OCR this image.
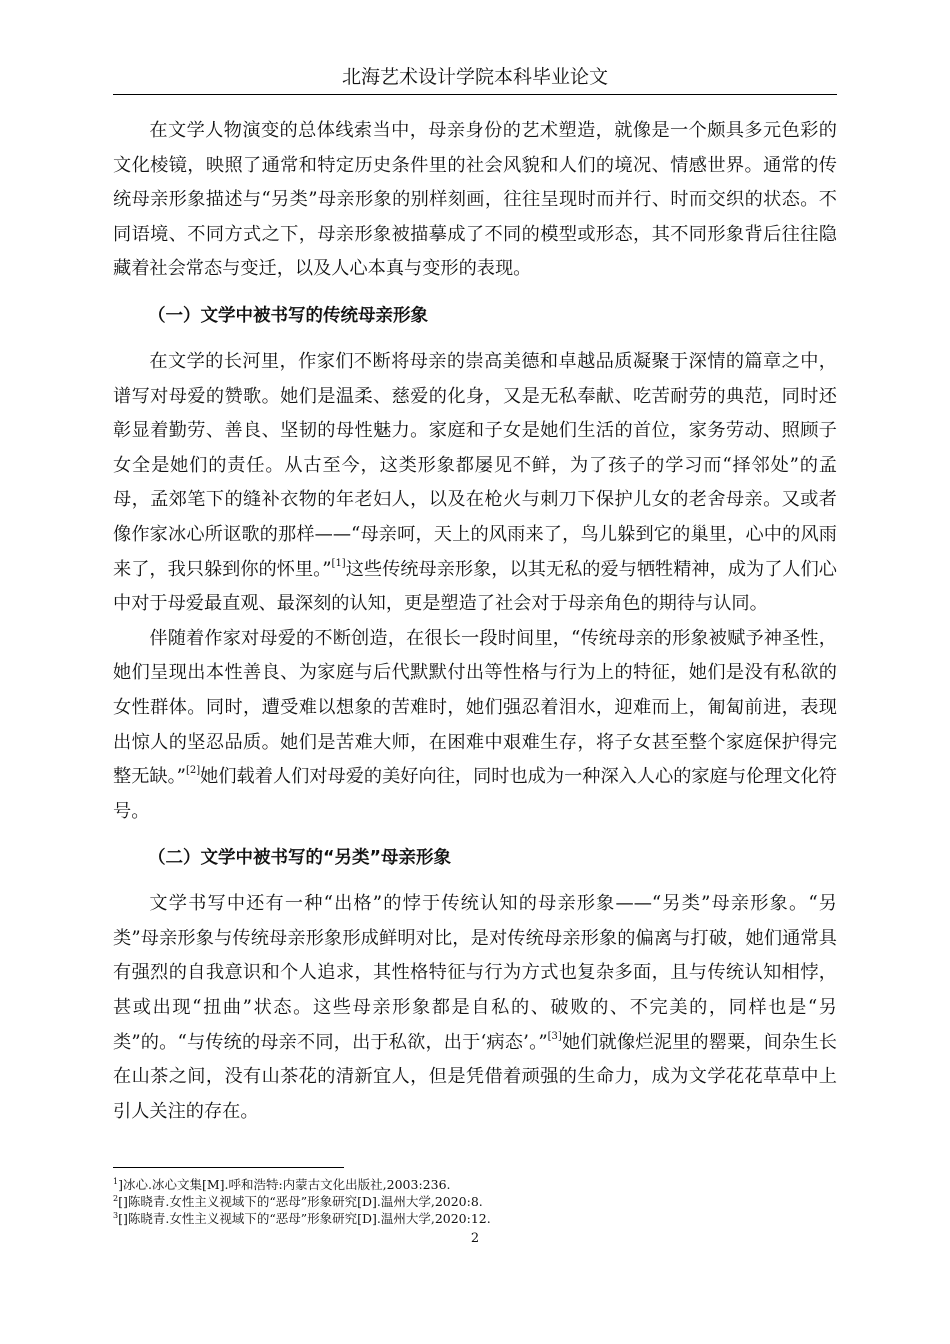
北海艺术设计学院本科毕业论文

在文学人物演变的总体线索当中，母亲身份的艺术塑造，就像是一个颇具多元色彩的文化棱镜，映照了通常和特定历史条件里的社会风貌和人们的境况、情感世界。通常的传统母亲形象描述与“另类”母亲形象的别样刻画，往往呈现时而并行、时而交织的状态。不同语境、不同方式之下，母亲形象被描摹成了不同的模型或形态，其不同形象背后往往隐藏着社会常态与变迁，以及人心本真与变形的表现。

（一）文学中被书写的传统母亲形象

在文学的长河里，作家们不断将母亲的崇高美德和卓越品质凝聚于深情的篇章之中，谱写对母爱的赞歌。她们是温柔、慈爱的化身，又是无私奉献、吃苦耐劳的典范，同时还彰显着勤劳、善良、坚韧的母性魅力。家庭和子女是她们生活的首位，家务劳动、照顾子女全是她们的责任。从古至今，这类形象都屡见不鲜，为了孩子的学习而“择邻处”的孟母，孟郊笔下的缝补衣物的年老妇人，以及在枪火与刺刀下保护儿女的老舍母亲。又或者像作家冰心所讴歌的那样——“母亲呵，天上的风雨来了，鸟儿躲到它的巢里，心中的风雨来了，我只躲到你的怀里。”[1]这些传统母亲形象，以其无私的爱与牺牲精神，成为了人们心中对于母爱最直观、最深刻的认知，更是塑造了社会对于母亲角色的期待与认同。

伴随着作家对母爱的不断创造，在很长一段时间里，“传统母亲的形象被赋予神圣性，她们呈现出本性善良、为家庭与后代默默付出等性格与行为上的特征，她们是没有私欲的女性群体。同时，遭受难以想象的苦难时，她们强忍着泪水，迎难而上，匍匐前进，表现出惊人的坚忍品质。她们是苦难大师，在困难中艰难生存，将子女甚至整个家庭保护得完整无缺。”[2]她们载着人们对母爱的美好向往，同时也成为一种深入人心的家庭与伦理文化符号。

（二）文学中被书写的“另类”母亲形象

文学书写中还有一种“出格”的悖于传统认知的母亲形象——“另类”母亲形象。“另类”母亲形象与传统母亲形象形成鲜明对比，是对传统母亲形象的偏离与打破，她们通常具有强烈的自我意识和个人追求，其性格特征与行为方式也复杂多面，且与传统认知相悖，甚或出现“扭曲”状态。这些母亲形象都是自私的、破败的、不完美的，同样也是“另类”的。“与传统的母亲不同，出于私欲，出于‘病态’。”[3]她们就像烂泥里的罂粟，间杂生长在山茶之间，没有山茶花的清新宜人，但是凭借着顽强的生命力，成为文学花花草草中上引人关注的存在。

$^1$]冰心.冰心文集[M].呼和浩特:内蒙古文化出版社,2003:236.
$^2$[]陈晓青.女性主义视域下的“恶母”形象研究[D].温州大学,2020:8.
$^3$[]陈晓青.女性主义视域下的“恶母”形象研究[D].温州大学,2020:12.
2
